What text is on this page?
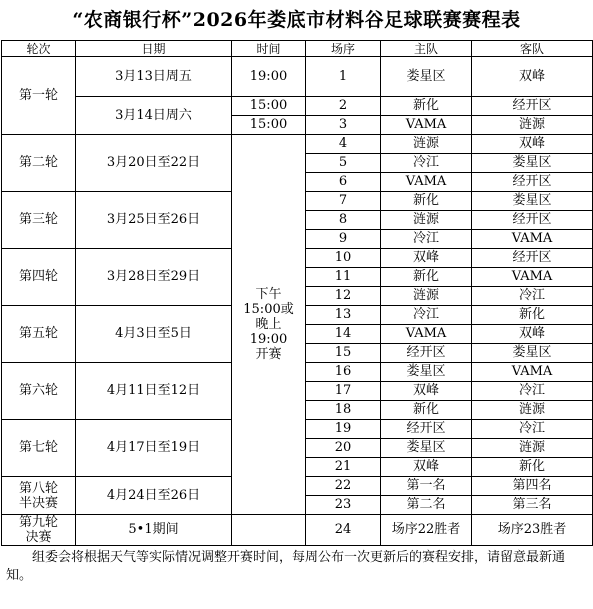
“农商银行杯”2026年娄底市材料谷足球联赛赛程表
轮次	日期	时间	场序	主队	客队
第一轮	3月13日周五	19:00	1	娄星区	双峰
	3月14日周六	15:00	2	新化	经开区
		15:00	3	VAMA	涟源
第二轮	3月20日至22日	下午
15:00或
晚上
19:00
开赛	4	涟源	双峰
			5	冷江	娄星区
			6	VAMA	经开区
第三轮	3月25日至26日		7	新化	娄星区
			8	涟源	经开区
			9	冷江	VAMA
第四轮	3月28日至29日		10	双峰	经开区
			11	新化	VAMA
			12	涟源	冷江
第五轮	4月3日至5日		13	冷江	新化
			14	VAMA	双峰
			15	经开区	娄星区
第六轮	4月11日至12日		16	娄星区	VAMA
			17	双峰	冷江
			18	新化	涟源
第七轮	4月17日至19日		19	经开区	冷江
			20	娄星区	涟源
			21	双峰	新化
第八轮
半决赛	4月24日至26日		22	第一名	第四名
			23	第二名	第三名
第九轮
决赛	5•1期间		24	场序22胜者	场序23胜者
组委会将根据天气等实际情况调整开赛时间，每周公布一次更新后的赛程安排，请留意最新通知。
